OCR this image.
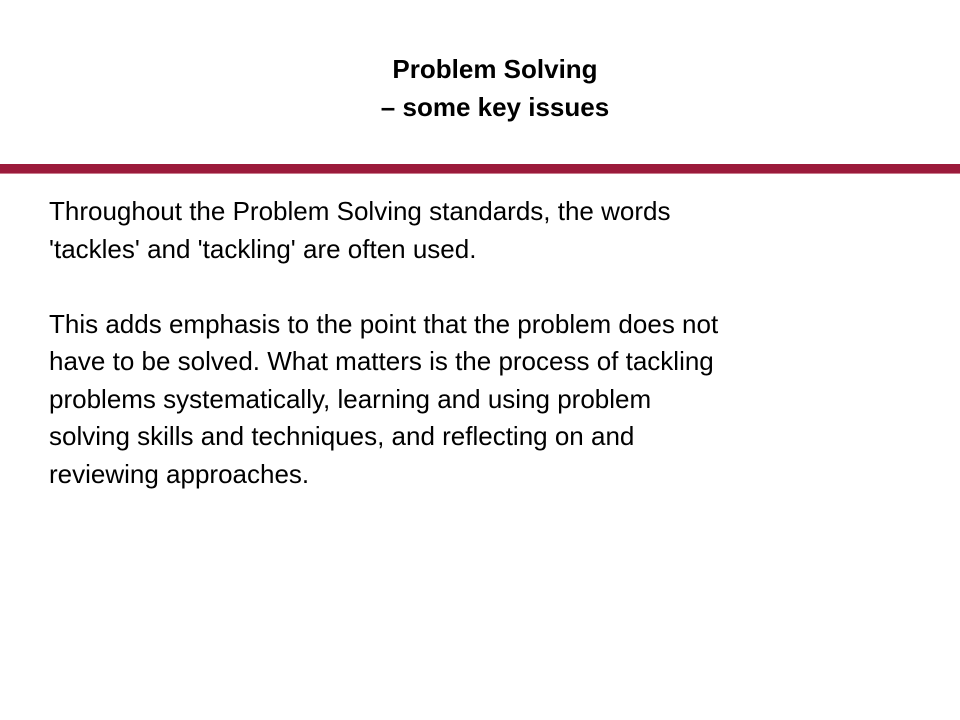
Problem Solving
– some key issues

Throughout the Problem Solving standards, the words
'tackles' and 'tackling' are often used.

This adds emphasis to the point that the problem does not
have to be solved. What matters is the process of tackling
problems systematically, learning and using problem
solving skills and techniques, and reflecting on and
reviewing approaches.
